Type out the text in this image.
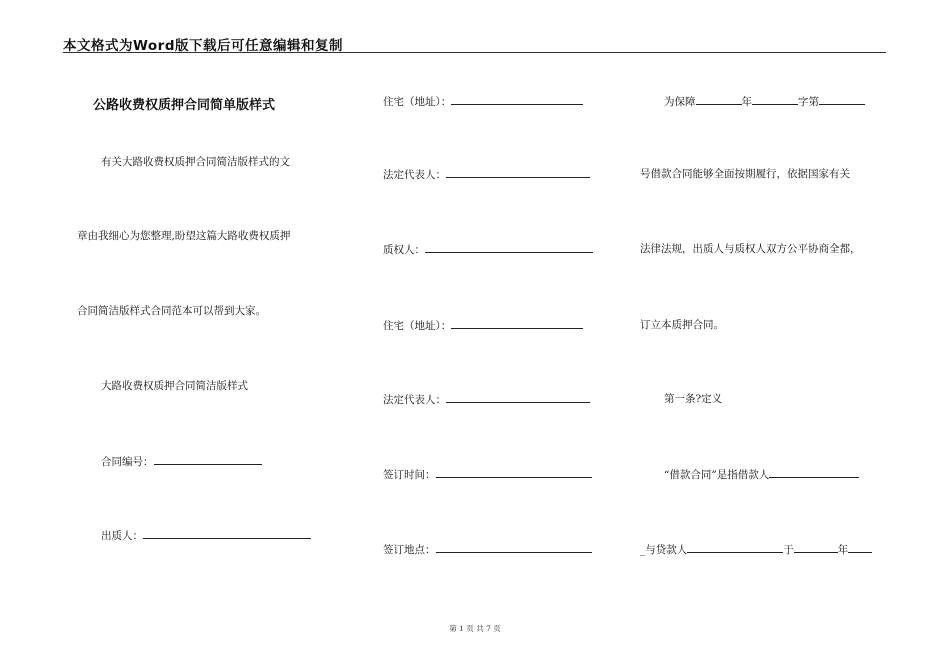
本文格式为Word版下载后可任意编辑和复制
公路收费权质押合同简单版样式
有关大路收费权质押合同简洁版样式的文
章由我细心为您整理,盼望这篇大路收费权质押
合同简洁版样式合同范本可以帮到大家。
大路收费权质押合同简洁版样式
合同编号：
出质人：
住宅（地址）：
法定代表人：
质权人：
住宅（地址）：
法定代表人：
签订时间：
签订地点：
为保障	年	字第
号借款合同能够全面按期履行，依据国家有关
法律法规，出质人与质权人双方公平协商全都，
订立本质押合同。
第一条?定义
“借款合同”是指借款人
_与贷款人	于	年
第 1 页 共 7 页
